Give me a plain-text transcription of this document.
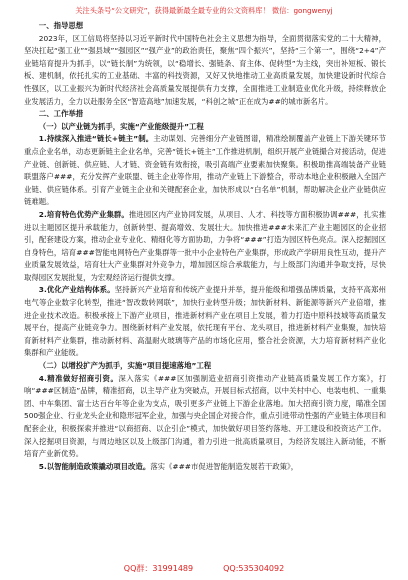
关注头条号“公文研究”，获得最新最全最专业的公文资料库！ 微信：gongwenyj
一、指导思想

2023年，区工信局将坚持以习近平新时代中国特色社会主义思想为指导，全面贯彻落实党的二十大精神，坚决扛起“强工业”“强县域”“强园区”“强产业”的政治责任，聚焦“四个振兴”，坚持“三个第一”，围绕“2+4”产业链培育提升为抓手，以“链长制”为统领，以“稳增长、强链条、育主体、促转型”为主线，突出补短板、锻长板、建机制，依托扎实的工业基础、丰富的科技资源，又好又快地推动工业高质量发展，加快建设新时代综合性强区，以工业振兴为新时代经济社会高质量发展提供有力支撑，全面推进工业制造业优化升级，持续释放企业发展活力，全力以赴服务全区“智造高地”加速发展，“科创之城”正在成为##的城市新名片。

二、工作举措
（一）以产业链为抓手，实施“产业能级提升”工程

1.持续深入推进“链长+链主”制。主动谋划、完善细分产业链图谱，精准绘制覆盖产业链上下游关键环节重点企业名单，动态更新链主企业名单，完善“链长+链主”工作推进机制，组织开展产业链撮合对接活动，促进产业链、创新链、供应链、人才链、资金链有效衔接，吸引高端产业要素加快聚集。积极助推高端装备产业链联盟落户###，充分发挥产业联盟、链主企业等作用，推动产业链上下游整合，带动本地企业积极融入全国产业链、供应链体系。引育产业链主企业和关键配套企业，加快形成以“白名单”机制，帮助解决企业产业链供应链难题。

2.培育特色优势产业集群。推进园区内产业协同发展，从项目、人才、科技等方面积极协调###，扎实推进以主题园区提升承载能力，创新转型、提高增效、发展壮大。加快推进###未来汇产业主题园区的企业招引，配套建设方案，推动企业专业化、精细化等方面协助，力争将“###”打造为园区特色亮点。深入挖掘园区自身特色，培育###智能电网特色产业集群等一批中小企业特色产业集群，形成政产学研用良性互动，提升产业质量发展效益，培育壮大产业集群对外竞争力，增加园区综合承载能力，与上级部门沟通并争取支持，尽快取得园区发展批复，为宏观经济运行提供支撑。

3.优化产业结构体系。坚持新兴产业培育和传统产业提升并举，提升能级和增强品牌质量，支持平高郑州电气等企业数字化转型，推进“智改数转网联”，加快行业转型升级；加快新材料、新能源等新兴产业倍增，推进企业技术改造。积极承接上下游产业项目，推进新材料产业在项目上发展，着力打造中原科技城等高质量发展平台，提高产业链竞争力。围绕新材料产业发展，依托现有平台、龙头项目，推进新材料产业集聚，加快培育新材料产业集群，推动新材料、高温耐火玻璃等产品的市场化应用，整合社会资源，大力培育新材料产业化集群和产业能级。

（二）以增投扩产为抓手，实施“项目提速落地”工程

4.精准做好招商引资。深入落实《###区加强制造业招商引资推动产业链高质量发展工作方案》，打响“###区制造”品牌，精准招商，以主导产业为突破点，开展目标式招商，以中关村中心、电装电机、一重集团、中车集团、富士达百台年等企业为支点，吸引更多产业链上下游企业落地。加大招商引资力度，瞄准全国500强企业、行业龙头企业和隐形冠军企业，加强与央企国企对接合作，重点引进带动性强的产业链主体项目和配套企业，积极探索并推进“以商招商、以企引企”模式，加快做好项目签约落地、开工建设和投资达产工作。深入挖掘项目资源，与周边地区以及上级部门沟通，着力引进一批高质量项目，为经济发展注入新动能，不断培育产业新优势。

5.以智能制造政策撬动项目改造。落实《###市促进智能制造发展若干政策》，

QQ群：31991489	QQ:535304092
